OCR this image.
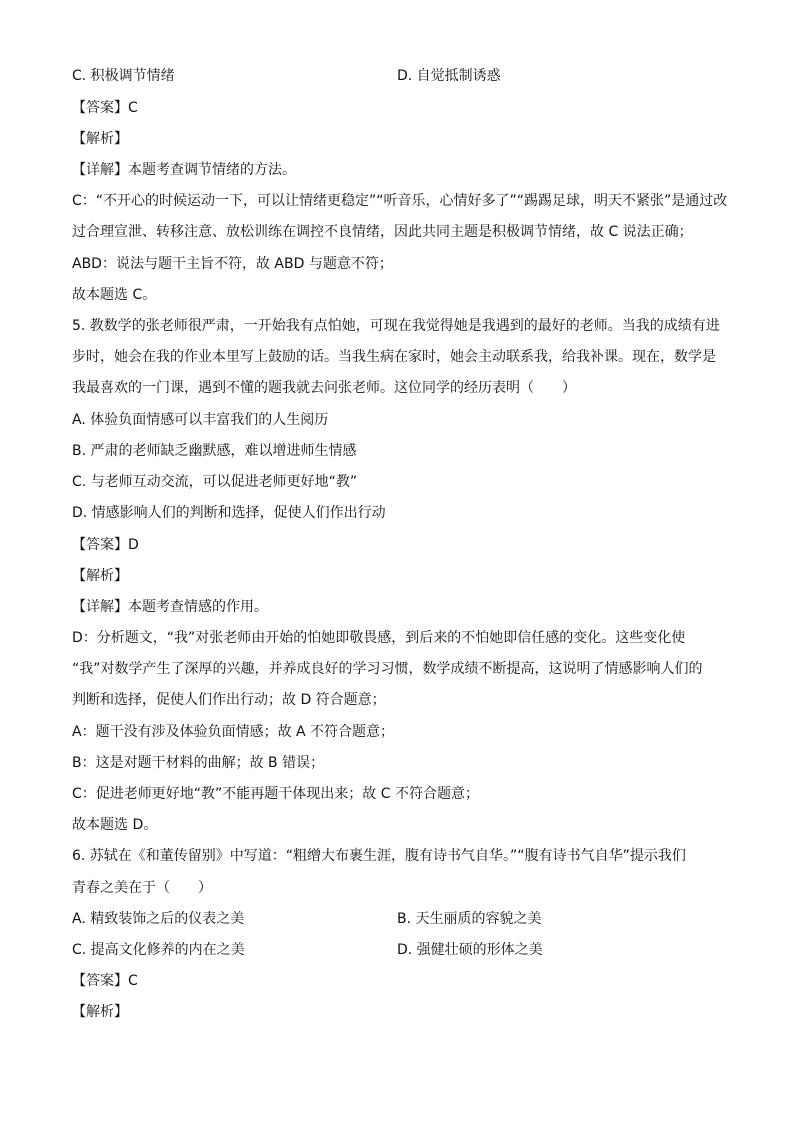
C. 积极调节情绪	D. 自觉抵制诱惑
【答案】C
【解析】
【详解】本题考查调节情绪的方法。
C：“不开心的时候运动一下，可以让情绪更稳定”“听音乐，心情好多了”“踢踢足球，明天不紧张”是通过改
过合理宣泄、转移注意、放松训练在调控不良情绪，因此共同主题是积极调节情绪，故 C 说法正确；
ABD：说法与题干主旨不符，故 ABD 与题意不符；
故本题选 C。
5. 教数学的张老师很严肃，一开始我有点怕她，可现在我觉得她是我遇到的最好的老师。当我的成绩有进
步时，她会在我的作业本里写上鼓励的话。当我生病在家时，她会主动联系我，给我补课。现在，数学是
我最喜欢的一门课，遇到不懂的题我就去问张老师。这位同学的经历表明（　　）
A. 体验负面情感可以丰富我们的人生阅历
B. 严肃的老师缺乏幽默感，难以增进师生情感
C. 与老师互动交流，可以促进老师更好地“教”
D. 情感影响人们的判断和选择，促使人们作出行动
【答案】D
【解析】
【详解】本题考查情感的作用。
D：分析题文，“我”对张老师由开始的怕她即敬畏感，到后来的不怕她即信任感的变化。这些变化使
“我”对数学产生了深厚的兴趣，并养成良好的学习习惯，数学成绩不断提高，这说明了情感影响人们的
判断和选择，促使人们作出行动；故 D 符合题意；
A：题干没有涉及体验负面情感；故 A 不符合题意；
B：这是对题干材料的曲解；故 B 错误；
C：促进老师更好地“教”不能再题干体现出来；故 C 不符合题意；
故本题选 D。
6. 苏轼在《和董传留别》中写道：“粗缯大布裹生涯，腹有诗书气自华。”“腹有诗书气自华”提示我们
青春之美在于（　　）
A. 精致装饰之后的仪表之美	B. 天生丽质的容貌之美
C. 提高文化修养的内在之美	D. 强健壮硕的形体之美
【答案】C
【解析】
